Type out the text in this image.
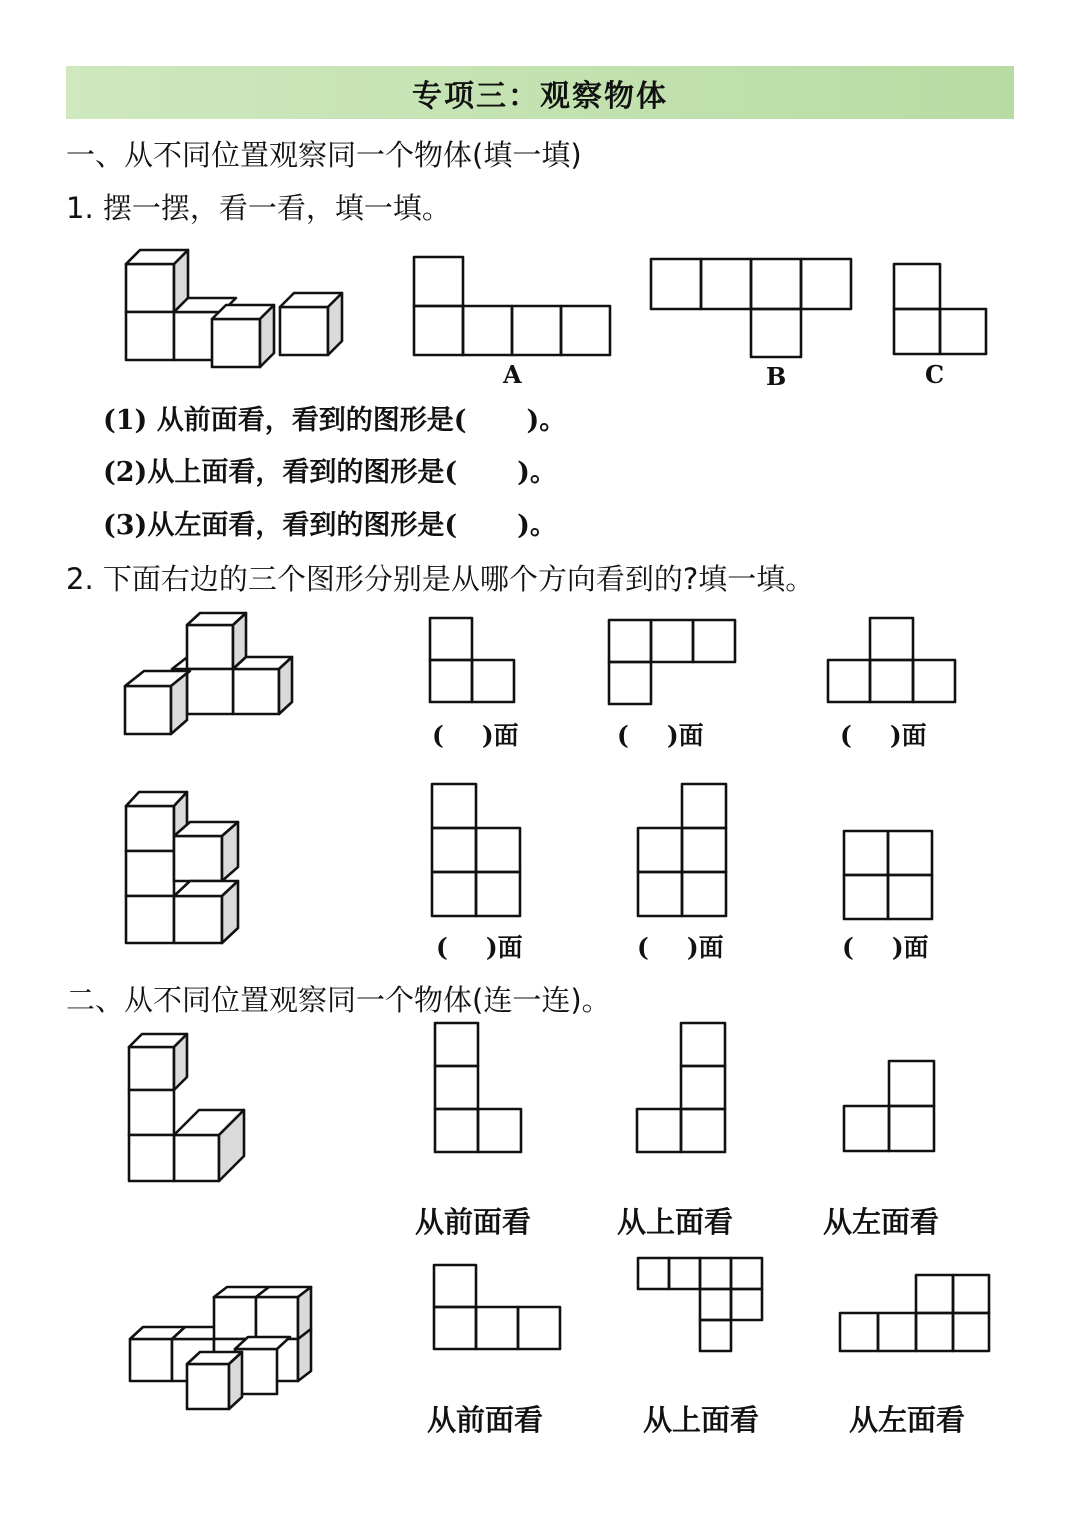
专项三：观察物体
一、从不同位置观察同一个物体(填一填)
1. 摆一摆，看一看，填一填。
A	B	C
(1) 从前面看，看到的图形是( )。
(2)从上面看，看到的图形是( )。
(3)从左面看，看到的图形是( )。
2. 下面右边的三个图形分别是从哪个方向看到的?填一填。
( )面	( )面	( )面
( )面	( )面	( )面
二、从不同位置观察同一个物体(连一连)。
从前面看	从上面看	从左面看
从前面看	从上面看	从左面看
